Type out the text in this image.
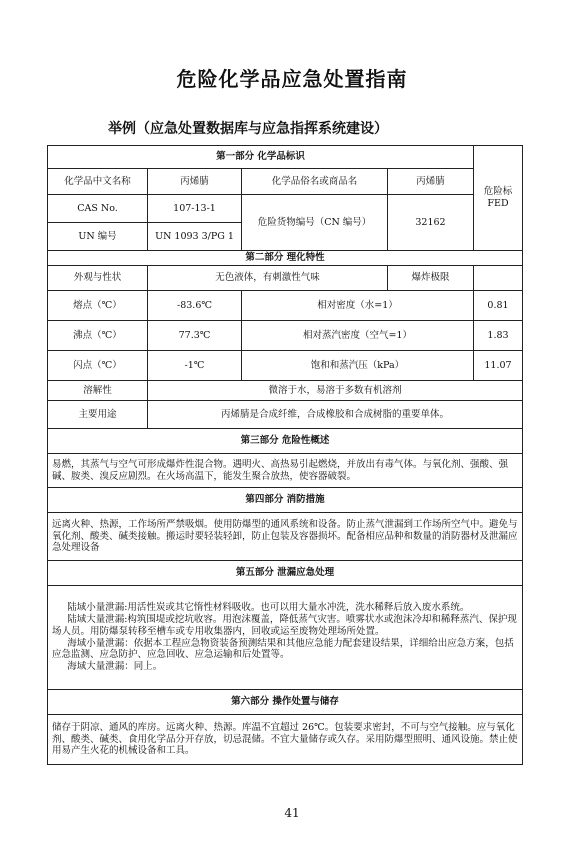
危险化学品应急处置指南
举例（应急处置数据库与应急指挥系统建设）
第一部分 化学品标识				危险标
FED
化学品中文名称	丙烯腈	化学品俗名或商品名	丙烯腈	
CAS No.	107-13-1	危险货物编号（CN 编号）	32162	
UN 编号	UN 1093 3/PG 1			
第二部分 理化特性				
外观与性状	无色液体，有刺激性气味		爆炸极限	
熔点（℃）	-83.6℃	相对密度（水=1）		0.81
沸点（℃）	77.3℃	相对蒸汽密度（空气=1）		1.83
闪点（℃）	-1℃	饱和和蒸汽压（kPa）		11.07
溶解性	微溶于水，易溶于多数有机溶剂			
主要用途	丙烯腈是合成纤维，合成橡胶和合成树脂的重要单体。			
第三部分 危险性概述				
易燃，其蒸气与空气可形成爆炸性混合物。遇明火、高热易引起燃烧，并放出有毒气体。与氧化剂、强酸、强碱、胺类、溴反应剧烈。在火场高温下，能发生聚合放热，使容器破裂。				
第四部分 消防措施				
远离火种、热源，工作场所严禁吸烟。使用防爆型的通风系统和设备。防止蒸气泄漏到工作场所空气中。避免与氧化剂、酸类、碱类接触。搬运时要轻装轻卸，防止包装及容器损坏。配备相应品种和数量的消防器材及泄漏应急处理设备				
第五部分 泄漏应急处理				

陆域小量泄漏:用活性炭或其它惰性材料吸收。也可以用大量水冲洗，洗水稀释后放入废水系统。

陆域大量泄漏:构筑围堤或挖坑收容。用泡沫覆盖，降低蒸气灾害。喷雾状水或泡沫冷却和稀释蒸汽、保护现场人员。用防爆泵转移至槽车或专用收集器内，回收或运至废物处理场所处置。

海域小量泄漏：依据本工程应急物资装备预测结果和其他应急能力配套建设结果，详细给出应急方案，包括应急监测、应急防护、应急回收、应急运输和后处置等。

海域大量泄漏：同上。				

第六部分 操作处置与储存				
储存于阴凉、通风的库房。远离火种、热源。库温不宜超过 26℃。包装要求密封，不可与空气接触。应与氧化剂、酸类、碱类、食用化学品分开存放，切忌混储。不宜大量储存或久存。采用防爆型照明、通风设施。禁止使用易产生火花的机械设备和工具。				
41
